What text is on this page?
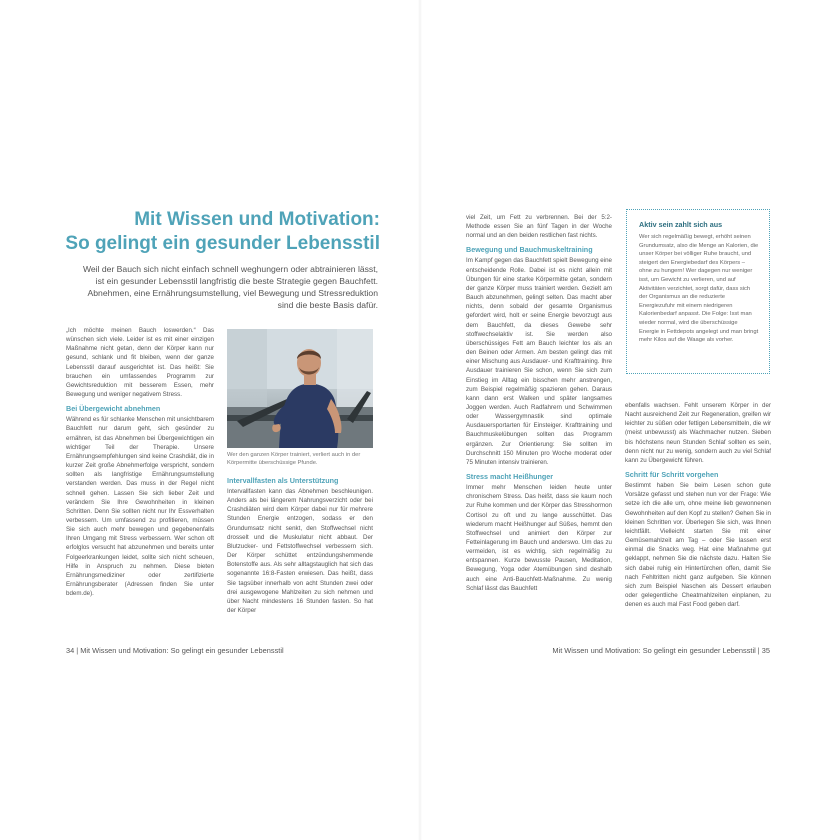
Mit Wissen und Motivation:
So gelingt ein gesunder Lebensstil
Weil der Bauch sich nicht einfach schnell weghungern oder abtrainieren lässt, ist ein gesunder Lebensstil langfristig die beste Strategie gegen Bauchfett. Abnehmen, eine Ernährungsumstellung, viel Bewegung und Stressreduktion sind die beste Basis dafür.

„Ich möchte meinen Bauch loswerden.“ Das wünschen sich viele. Leider ist es mit einer einzigen Maßnahme nicht getan, denn der Körper kann nur gesund, schlank und fit bleiben, wenn der ganze Lebensstil darauf ausgerichtet ist. Das heißt: Sie brauchen ein umfassendes Programm zur Gewichtsreduktion mit besserem Essen, mehr Bewegung und weniger negativem Stress.

Bei Übergewicht abnehmen

Während es für schlanke Menschen mit unsichtbarem Bauchfett nur darum geht, sich gesünder zu ernähren, ist das Abnehmen bei Übergewichtigen ein wichtiger Teil der Therapie. Unsere Ernährungsempfehlungen sind keine Crashdiät, die in kurzer Zeit große Abnehmerfolge verspricht, sondern sollten als langfristige Ernährungsumstellung verstanden werden. Das muss in der Regel nicht schnell gehen. Lassen Sie sich lieber Zeit und verändern Sie Ihre Gewohnheiten in kleinen Schritten. Denn Sie sollten nicht nur Ihr Essverhalten verbessern. Um umfassend zu profitieren, müssen Sie sich auch mehr bewegen und gegebenenfalls Ihren Umgang mit Stress verbessern. Wer schon oft erfolglos versucht hat abzunehmen und bereits unter Folgeerkrankungen leidet, sollte sich nicht scheuen, Hilfe in Anspruch zu nehmen. Diese bieten Ernährungsmediziner oder zertifizierte Ernährungsberater (Adressen finden Sie unter bdem.de).

Wer den ganzen Körper trainiert, verliert auch in der Körpermitte überschüssige Pfunde.
Intervallfasten als Unterstützung

Intervallfasten kann das Abnehmen beschleunigen. Anders als bei längerem Nahrungsverzicht oder bei Crashdiäten wird dem Körper dabei nur für mehrere Stunden Energie entzogen, sodass er den Grundumsatz nicht senkt, den Stoffwechsel nicht drosselt und die Muskulatur nicht abbaut. Der Blutzucker- und Fettstoffwechsel verbessern sich. Der Körper schüttet entzündungshemmende Botenstoffe aus. Als sehr alltagstauglich hat sich das sogenannte 16:8-Fasten erwiesen. Das heißt, dass Sie tagsüber innerhalb von acht Stunden zwei oder drei ausgewogene Mahlzeiten zu sich nehmen und über Nacht mindestens 16 Stunden fasten. So hat der Körper

viel Zeit, um Fett zu verbrennen. Bei der 5:2-Methode essen Sie an fünf Tagen in der Woche normal und an den beiden restlichen fast nichts.

Bewegung und Bauchmuskeltraining

Im Kampf gegen das Bauchfett spielt Bewegung eine entscheidende Rolle. Dabei ist es nicht allein mit Übungen für eine starke Körpermitte getan, sondern der ganze Körper muss trainiert werden. Gezielt am Bauch abzunehmen, gelingt selten. Das macht aber nichts, denn sobald der gesamte Organismus gefordert wird, holt er seine Energie bevorzugt aus dem Bauchfett, da dieses Gewebe sehr stoffwechselaktiv ist. Sie werden also überschüssiges Fett am Bauch leichter los als an den Beinen oder Armen. Am besten gelingt das mit einer Mischung aus Ausdauer- und Krafttraining. Ihre Ausdauer trainieren Sie schon, wenn Sie sich zum Einstieg im Alltag ein bisschen mehr anstrengen, zum Beispiel regelmäßig spazieren gehen. Daraus kann dann erst Walken und später langsames Joggen werden. Auch Radfahrern und Schwimmen oder Wassergymnastik sind optimale Ausdauersportarten für Einsteiger. Krafttraining und Bauchmuskelübungen sollten das Programm ergänzen. Zur Orientierung: Sie sollten im Durchschnitt 150 Minuten pro Woche moderat oder 75 Minuten intensiv trainieren.

Stress macht Heißhunger

Immer mehr Menschen leiden heute unter chronischem Stress. Das heißt, dass sie kaum noch zur Ruhe kommen und der Körper das Stresshormon Cortisol zu oft und zu lange ausschüttet. Das wiederum macht Heißhunger auf Süßes, hemmt den Stoffwechsel und animiert den Körper zur Fetteinlagerung im Bauch und anderswo. Um das zu vermeiden, ist es wichtig, sich regelmäßig zu entspannen. Kurze bewusste Pausen, Meditation, Bewegung, Yoga oder Atemübungen sind deshalb auch eine Anti-Bauchfett-Maßnahme. Zu wenig Schlaf lässt das Bauchfett

Aktiv sein zahlt sich aus

Wer sich regelmäßig bewegt, erhöht seinen Grundumsatz, also die Menge an Kalorien, die unser Körper bei völliger Ruhe braucht, und steigert den Energiebedarf des Körpers – ohne zu hungern! Wer dagegen nur weniger isst, um Gewicht zu verlieren, und auf Aktivitäten verzichtet, sorgt dafür, dass sich der Organismus an die reduzierte Energiezufuhr mit einem niedrigeren Kalorienbedarf anpasst. Die Folge: Isst man wieder normal, wird die überschüssige Energie in Fettdepots angelegt und man bringt mehr Kilos auf die Waage als vorher.

ebenfalls wachsen. Fehlt unserem Körper in der Nacht ausreichend Zeit zur Regeneration, greifen wir leichter zu süßen oder fettigen Lebensmitteln, die wir (meist unbewusst) als Wachmacher nutzen. Sieben bis höchstens neun Stunden Schlaf sollten es sein, denn nicht nur zu wenig, sondern auch zu viel Schlaf kann zu Übergewicht führen.

Schritt für Schritt vorgehen

Bestimmt haben Sie beim Lesen schon gute Vorsätze gefasst und stehen nun vor der Frage: Wie setze ich die alle um, ohne meine lieb gewonnenen Gewohnheiten auf den Kopf zu stellen? Gehen Sie in kleinen Schritten vor. Überlegen Sie sich, was Ihnen leichtfällt. Vielleicht starten Sie mit einer Gemüsemahlzeit am Tag – oder Sie lassen erst einmal die Snacks weg. Hat eine Maßnahme gut geklappt, nehmen Sie die nächste dazu. Halten Sie sich dabei ruhig ein Hintertürchen offen, damit Sie nach Fehltritten nicht ganz aufgeben. Sie können sich zum Beispiel Naschen als Dessert erlauben oder gelegentliche Cheatmahlzeiten einplanen, zu denen es auch mal Fast Food geben darf.

34 | Mit Wissen und Motivation: So gelingt ein gesunder Lebensstil	Mit Wissen und Motivation: So gelingt ein gesunder Lebensstil | 35
